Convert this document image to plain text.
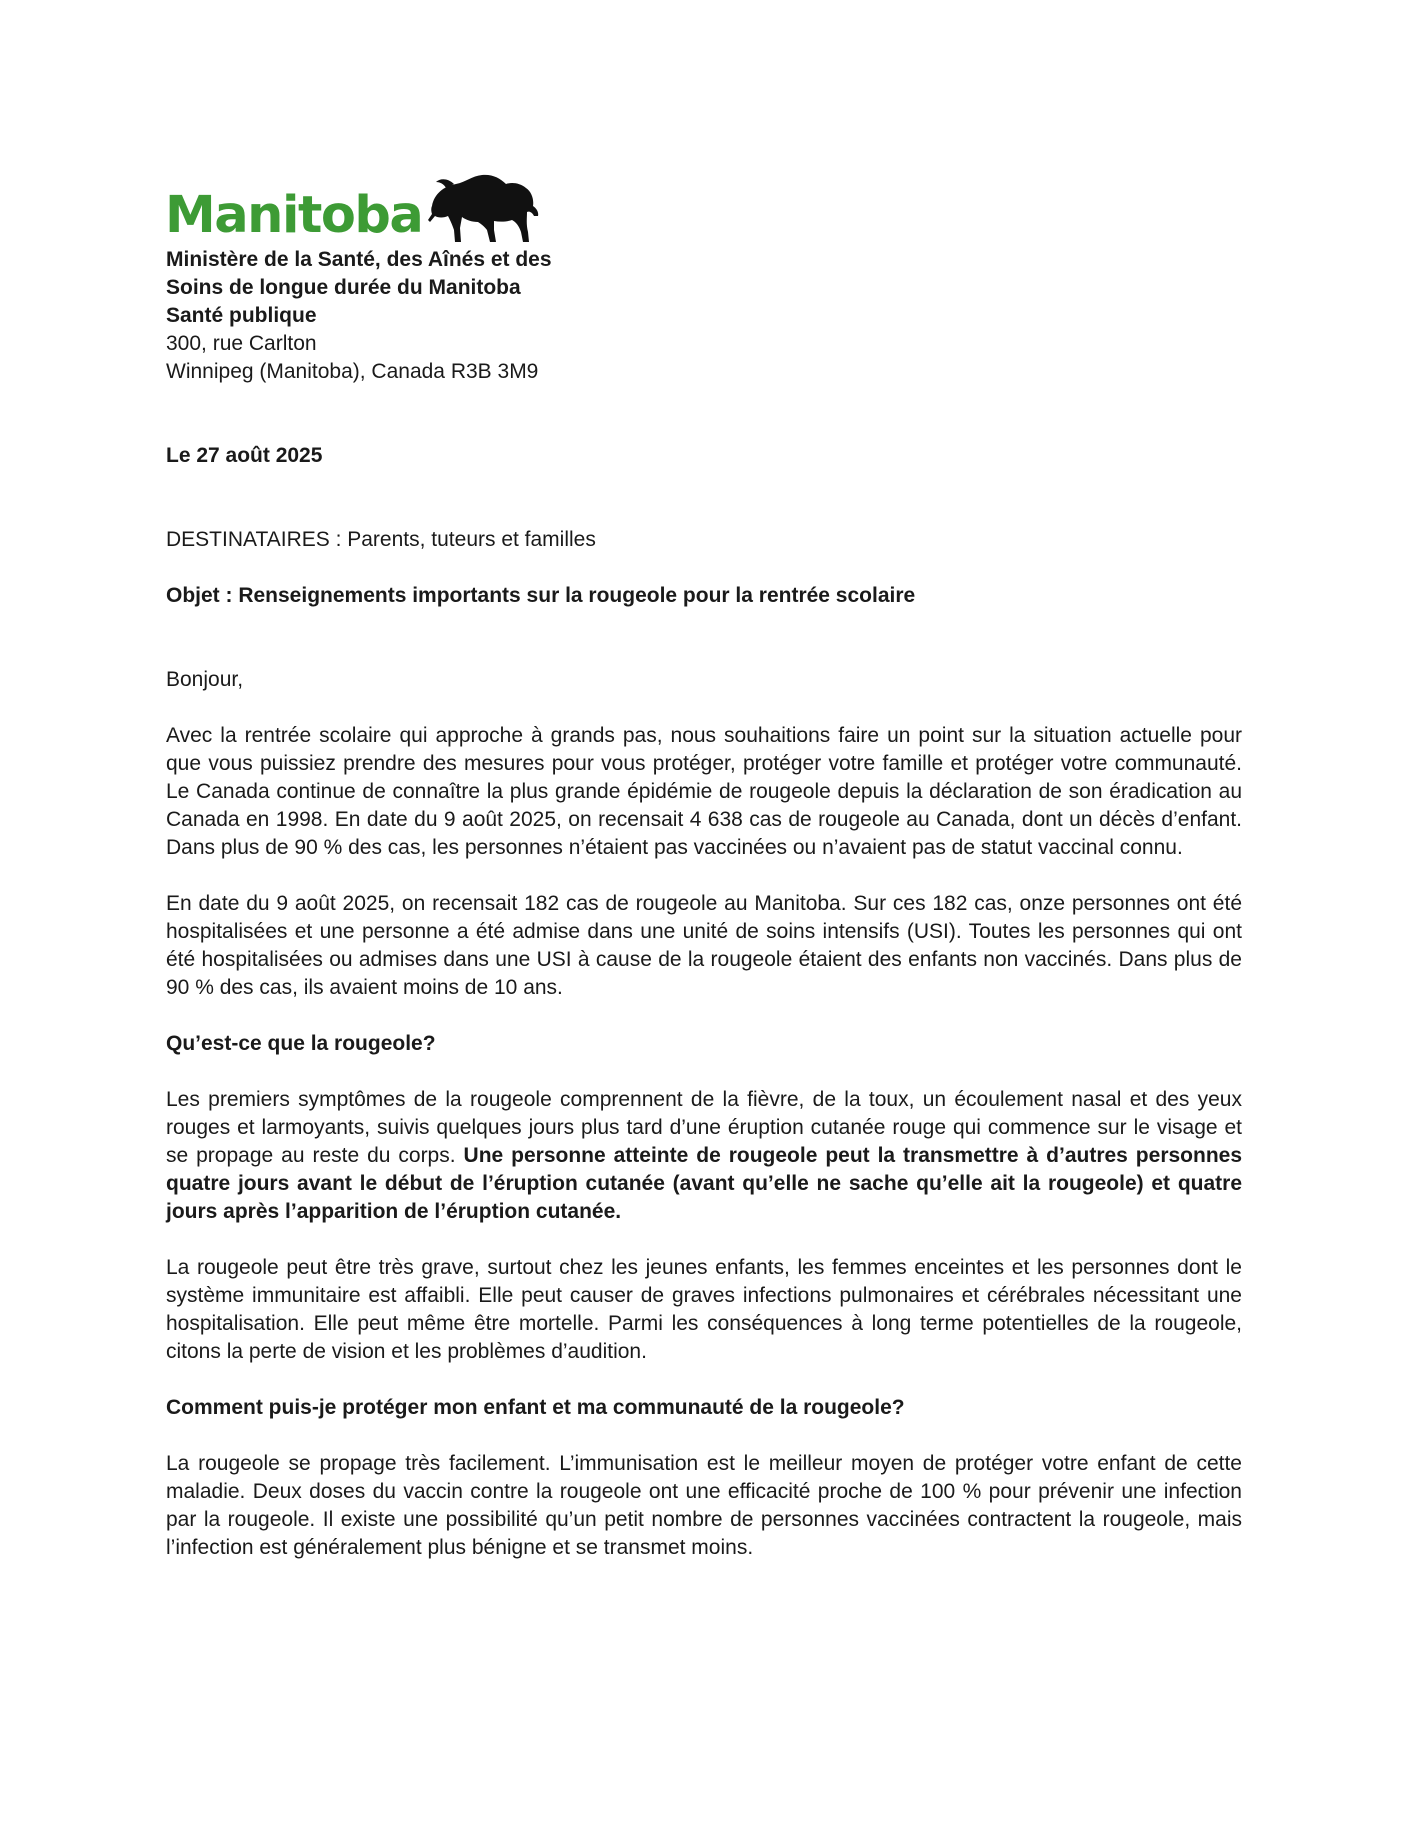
Manitoba
Ministère de la Santé, des Aînés et des
Soins de longue durée du Manitoba
Santé publique
300, rue Carlton
Winnipeg (Manitoba), Canada R3B 3M9
Le 27 août 2025
DESTINATAIRES : Parents, tuteurs et familles
Objet : Renseignements importants sur la rougeole pour la rentrée scolaire
Bonjour,

Avec la rentrée scolaire qui approche à grands pas, nous souhaitions faire un point sur la situation actuelle pour que vous puissiez prendre des mesures pour vous protéger, protéger votre famille et protéger votre communauté. Le Canada continue de connaître la plus grande épidémie de rougeole depuis la déclaration de son éradication au Canada en 1998. En date du 9 août 2025, on recensait 4 638 cas de rougeole au Canada, dont un décès d’enfant. Dans plus de 90 % des cas, les personnes n’étaient pas vaccinées ou n’avaient pas de statut vaccinal connu.

En date du 9 août 2025, on recensait 182 cas de rougeole au Manitoba. Sur ces 182 cas, onze personnes ont été hospitalisées et une personne a été admise dans une unité de soins intensifs (USI). Toutes les personnes qui ont été hospitalisées ou admises dans une USI à cause de la rougeole étaient des enfants non vaccinés. Dans plus de 90 % des cas, ils avaient moins de 10 ans.

Qu’est-ce que la rougeole?

Les premiers symptômes de la rougeole comprennent de la fièvre, de la toux, un écoulement nasal et des yeux rouges et larmoyants, suivis quelques jours plus tard d’une éruption cutanée rouge qui commence sur le visage et se propage au reste du corps. Une personne atteinte de rougeole peut la transmettre à d’autres personnes quatre jours avant le début de l’éruption cutanée (avant qu’elle ne sache qu’elle ait la rougeole) et quatre jours après l’apparition de l’éruption cutanée.

La rougeole peut être très grave, surtout chez les jeunes enfants, les femmes enceintes et les personnes dont le système immunitaire est affaibli. Elle peut causer de graves infections pulmonaires et cérébrales nécessitant une hospitalisation. Elle peut même être mortelle. Parmi les conséquences à long terme potentielles de la rougeole, citons la perte de vision et les problèmes d’audition.

Comment puis-je protéger mon enfant et ma communauté de la rougeole?

La rougeole se propage très facilement. L’immunisation est le meilleur moyen de protéger votre enfant de cette maladie. Deux doses du vaccin contre la rougeole ont une efficacité proche de 100 % pour prévenir une infection par la rougeole. Il existe une possibilité qu’un petit nombre de personnes vaccinées contractent la rougeole, mais l’infection est généralement plus bénigne et se transmet moins.
